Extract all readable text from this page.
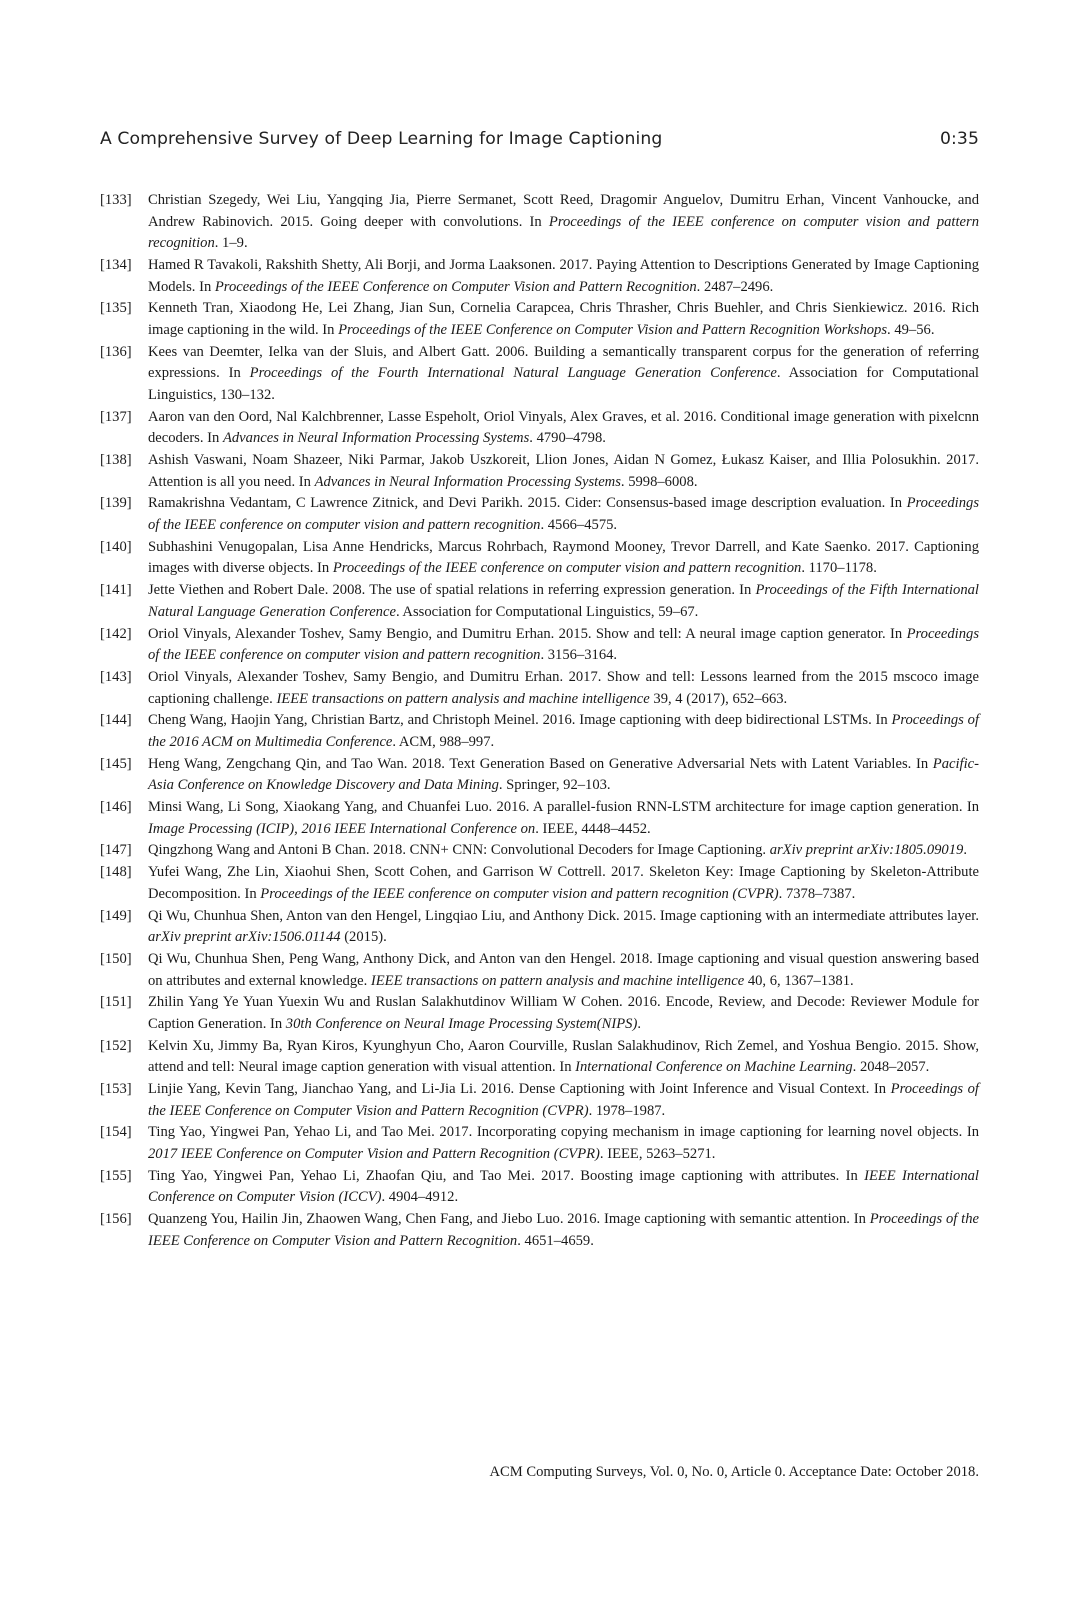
A Comprehensive Survey of Deep Learning for Image Captioning	0:35
[133] Christian Szegedy, Wei Liu, Yangqing Jia, Pierre Sermanet, Scott Reed, Dragomir Anguelov, Dumitru Erhan, Vincent Vanhoucke, and Andrew Rabinovich. 2015. Going deeper with convolutions. In Proceedings of the IEEE conference on computer vision and pattern recognition. 1–9.
[134] Hamed R Tavakoli, Rakshith Shetty, Ali Borji, and Jorma Laaksonen. 2017. Paying Attention to Descriptions Generated by Image Captioning Models. In Proceedings of the IEEE Conference on Computer Vision and Pattern Recognition. 2487–2496.
[135] Kenneth Tran, Xiaodong He, Lei Zhang, Jian Sun, Cornelia Carapcea, Chris Thrasher, Chris Buehler, and Chris Sienkiewicz. 2016. Rich image captioning in the wild. In Proceedings of the IEEE Conference on Computer Vision and Pattern Recognition Workshops. 49–56.
[136] Kees van Deemter, Ielka van der Sluis, and Albert Gatt. 2006. Building a semantically transparent corpus for the generation of referring expressions. In Proceedings of the Fourth International Natural Language Generation Conference. Association for Computational Linguistics, 130–132.
[137] Aaron van den Oord, Nal Kalchbrenner, Lasse Espeholt, Oriol Vinyals, Alex Graves, et al. 2016. Conditional image generation with pixelcnn decoders. In Advances in Neural Information Processing Systems. 4790–4798.
[138] Ashish Vaswani, Noam Shazeer, Niki Parmar, Jakob Uszkoreit, Llion Jones, Aidan N Gomez, Łukasz Kaiser, and Illia Polosukhin. 2017. Attention is all you need. In Advances in Neural Information Processing Systems. 5998–6008.
[139] Ramakrishna Vedantam, C Lawrence Zitnick, and Devi Parikh. 2015. Cider: Consensus-based image description evaluation. In Proceedings of the IEEE conference on computer vision and pattern recognition. 4566–4575.
[140] Subhashini Venugopalan, Lisa Anne Hendricks, Marcus Rohrbach, Raymond Mooney, Trevor Darrell, and Kate Saenko. 2017. Captioning images with diverse objects. In Proceedings of the IEEE conference on computer vision and pattern recognition. 1170–1178.
[141] Jette Viethen and Robert Dale. 2008. The use of spatial relations in referring expression generation. In Proceedings of the Fifth International Natural Language Generation Conference. Association for Computational Linguistics, 59–67.
[142] Oriol Vinyals, Alexander Toshev, Samy Bengio, and Dumitru Erhan. 2015. Show and tell: A neural image caption generator. In Proceedings of the IEEE conference on computer vision and pattern recognition. 3156–3164.
[143] Oriol Vinyals, Alexander Toshev, Samy Bengio, and Dumitru Erhan. 2017. Show and tell: Lessons learned from the 2015 mscoco image captioning challenge. IEEE transactions on pattern analysis and machine intelligence 39, 4 (2017), 652–663.
[144] Cheng Wang, Haojin Yang, Christian Bartz, and Christoph Meinel. 2016. Image captioning with deep bidirectional LSTMs. In Proceedings of the 2016 ACM on Multimedia Conference. ACM, 988–997.
[145] Heng Wang, Zengchang Qin, and Tao Wan. 2018. Text Generation Based on Generative Adversarial Nets with Latent Variables. In Pacific-Asia Conference on Knowledge Discovery and Data Mining. Springer, 92–103.
[146] Minsi Wang, Li Song, Xiaokang Yang, and Chuanfei Luo. 2016. A parallel-fusion RNN-LSTM architecture for image caption generation. In Image Processing (ICIP), 2016 IEEE International Conference on. IEEE, 4448–4452.
[147] Qingzhong Wang and Antoni B Chan. 2018. CNN+ CNN: Convolutional Decoders for Image Captioning. arXiv preprint arXiv:1805.09019.
[148] Yufei Wang, Zhe Lin, Xiaohui Shen, Scott Cohen, and Garrison W Cottrell. 2017. Skeleton Key: Image Captioning by Skeleton-Attribute Decomposition. In Proceedings of the IEEE conference on computer vision and pattern recognition (CVPR). 7378–7387.
[149] Qi Wu, Chunhua Shen, Anton van den Hengel, Lingqiao Liu, and Anthony Dick. 2015. Image captioning with an intermediate attributes layer. arXiv preprint arXiv:1506.01144 (2015).
[150] Qi Wu, Chunhua Shen, Peng Wang, Anthony Dick, and Anton van den Hengel. 2018. Image captioning and visual question answering based on attributes and external knowledge. IEEE transactions on pattern analysis and machine intelligence 40, 6, 1367–1381.
[151] Zhilin Yang Ye Yuan Yuexin Wu and Ruslan Salakhutdinov William W Cohen. 2016. Encode, Review, and Decode: Reviewer Module for Caption Generation. In 30th Conference on Neural Image Processing System(NIPS).
[152] Kelvin Xu, Jimmy Ba, Ryan Kiros, Kyunghyun Cho, Aaron Courville, Ruslan Salakhudinov, Rich Zemel, and Yoshua Bengio. 2015. Show, attend and tell: Neural image caption generation with visual attention. In International Conference on Machine Learning. 2048–2057.
[153] Linjie Yang, Kevin Tang, Jianchao Yang, and Li-Jia Li. 2016. Dense Captioning with Joint Inference and Visual Context. In Proceedings of the IEEE Conference on Computer Vision and Pattern Recognition (CVPR). 1978–1987.
[154] Ting Yao, Yingwei Pan, Yehao Li, and Tao Mei. 2017. Incorporating copying mechanism in image captioning for learning novel objects. In 2017 IEEE Conference on Computer Vision and Pattern Recognition (CVPR). IEEE, 5263–5271.
[155] Ting Yao, Yingwei Pan, Yehao Li, Zhaofan Qiu, and Tao Mei. 2017. Boosting image captioning with attributes. In IEEE International Conference on Computer Vision (ICCV). 4904–4912.
[156] Quanzeng You, Hailin Jin, Zhaowen Wang, Chen Fang, and Jiebo Luo. 2016. Image captioning with semantic attention. In Proceedings of the IEEE Conference on Computer Vision and Pattern Recognition. 4651–4659.
ACM Computing Surveys, Vol. 0, No. 0, Article 0. Acceptance Date: October 2018.
